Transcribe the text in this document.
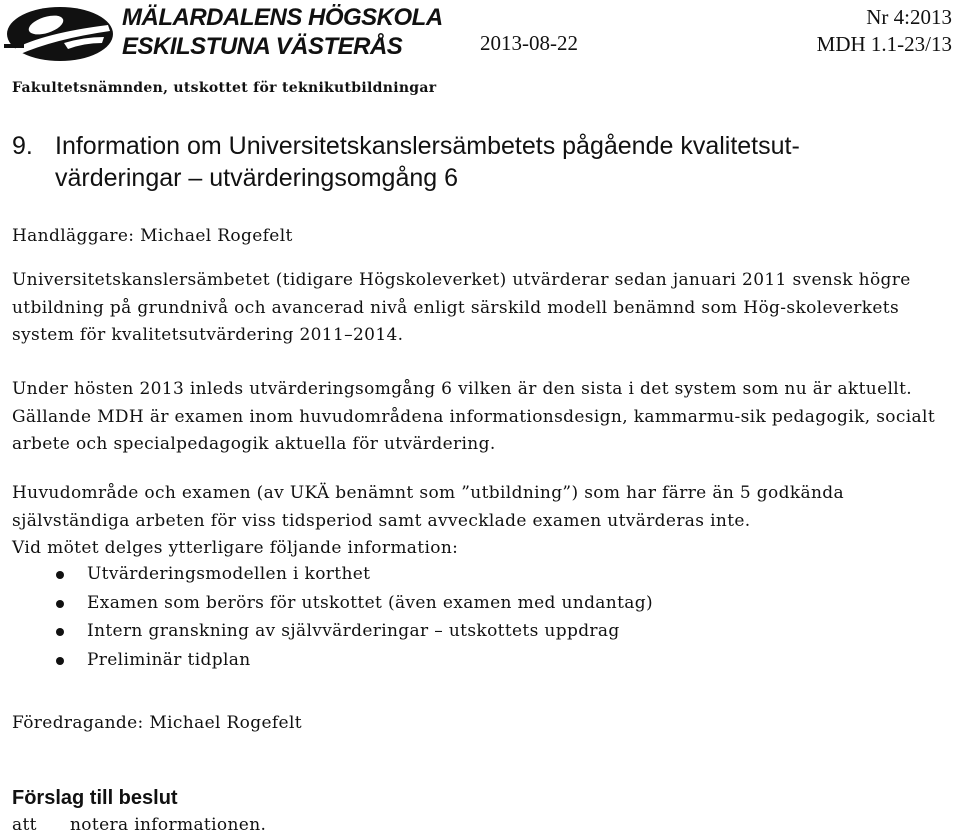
MÄLARDALENS HÖGSKOLA
ESKILSTUNA VÄSTERÅS
Nr 4:2013
MDH 1.1-23/13
2013-08-22
Fakultetsnämnden, utskottet för teknikutbildningar
9. Information om Universitetskanslersämbetets pågående kvalitetsut-
värderingar – utvärderingsomgång 6
Handläggare: Michael Rogefelt
Universitetskanslersämbetet (tidigare Högskoleverket) utvärderar sedan januari 2011 svensk högre utbildning på grundnivå och avancerad nivå enligt särskild modell benämnd som Hög-skoleverkets system för kvalitetsutvärdering 2011–2014.
Under hösten 2013 inleds utvärderingsomgång 6 vilken är den sista i det system som nu är aktuellt. Gällande MDH är examen inom huvudområdena informationsdesign, kammarmu-sik pedagogik, socialt arbete och specialpedagogik aktuella för utvärdering.
Huvudområde och examen (av UKÄ benämnt som ”utbildning”) som har färre än 5 godkända självständiga arbeten för viss tidsperiod samt avvecklade examen utvärderas inte.
Vid mötet delges ytterligare följande information:
Utvärderingsmodellen i korthet
Examen som berörs för utskottet (även examen med undantag)
Intern granskning av självvärderingar – utskottets uppdrag
Preliminär tidplan
Föredragande: Michael Rogefelt
Förslag till beslut
att notera informationen.
